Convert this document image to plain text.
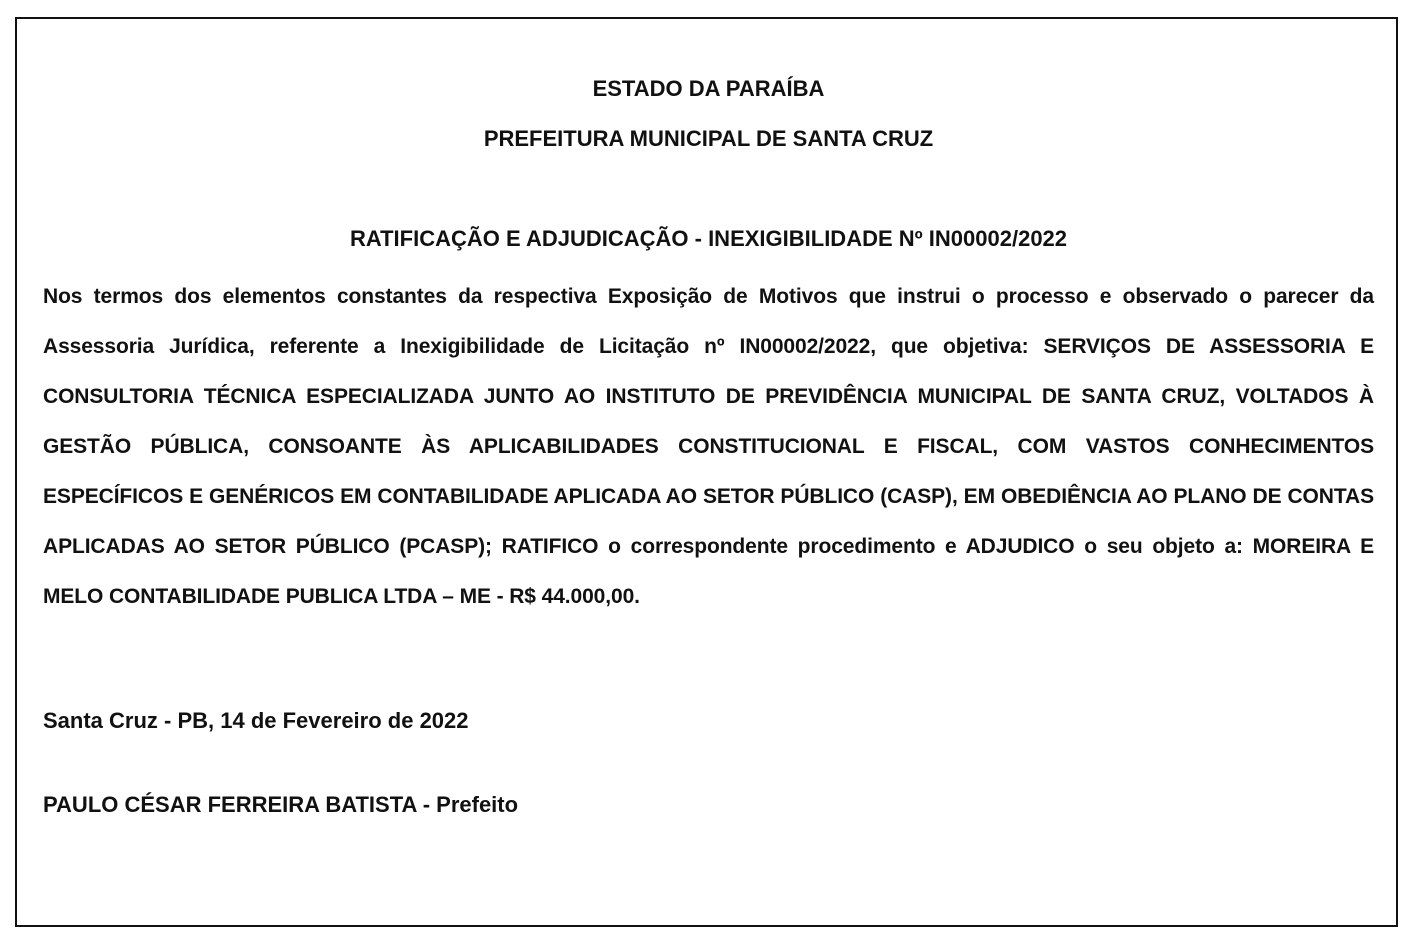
ESTADO DA PARAÍBA
PREFEITURA MUNICIPAL DE SANTA CRUZ
RATIFICAÇÃO E ADJUDICAÇÃO - INEXIGIBILIDADE Nº IN00002/2022
Nos termos dos elementos constantes da respectiva Exposição de Motivos que instrui o processo e observado o parecer da Assessoria Jurídica, referente a Inexigibilidade de Licitação nº IN00002/2022, que objetiva: SERVIÇOS DE ASSESSORIA E CONSULTORIA TÉCNICA ESPECIALIZADA JUNTO AO INSTITUTO DE PREVIDÊNCIA MUNICIPAL DE SANTA CRUZ, VOLTADOS À GESTÃO PÚBLICA, CONSOANTE ÀS APLICABILIDADES CONSTITUCIONAL E FISCAL, COM VASTOS CONHECIMENTOS ESPECÍFICOS E GENÉRICOS EM CONTABILIDADE APLICADA AO SETOR PÚBLICO (CASP), EM OBEDIÊNCIA AO PLANO DE CONTAS APLICADAS AO SETOR PÚBLICO (PCASP); RATIFICO o correspondente procedimento e ADJUDICO o seu objeto a: MOREIRA E MELO CONTABILIDADE PUBLICA LTDA – ME - R$ 44.000,00.
Santa Cruz - PB, 14 de Fevereiro de 2022
PAULO CÉSAR FERREIRA BATISTA - Prefeito
